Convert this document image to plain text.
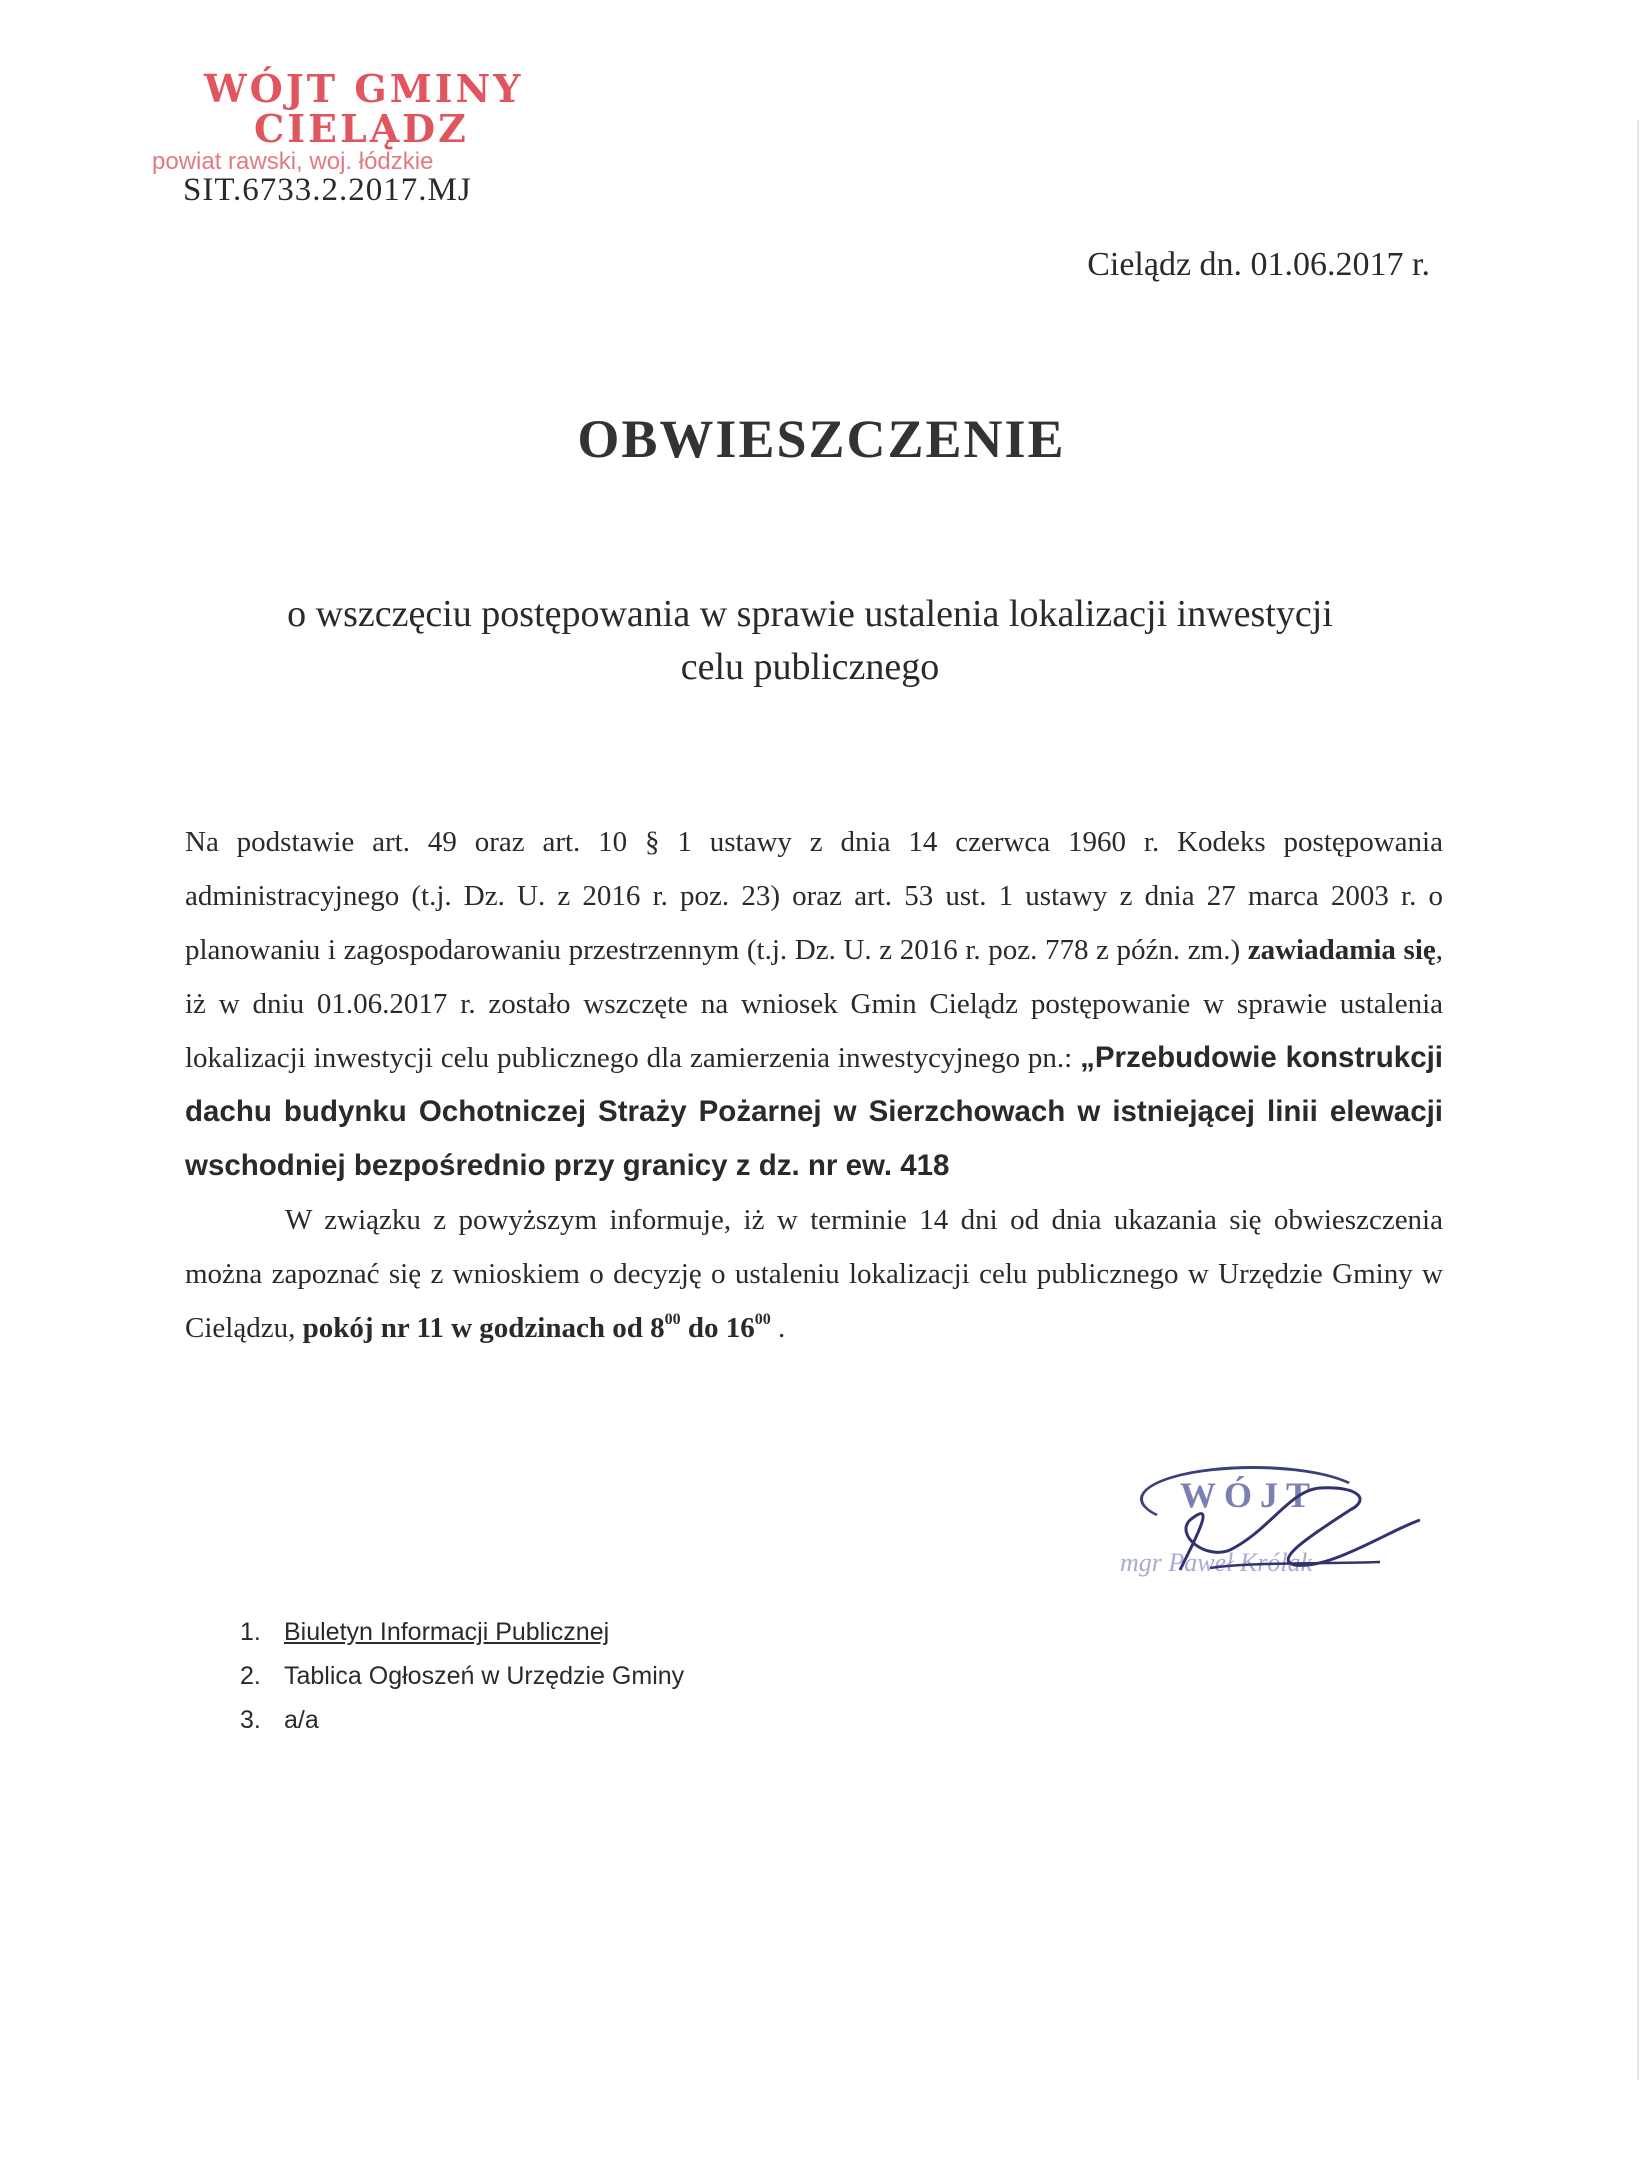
WÓJT GMINY
CIELĄDZ
powiat rawski, woj. łódzkie
SIT.6733.2.2017.MJ
Cielądz dn. 01.06.2017 r.
OBWIESZCZENIE
o wszczęciu postępowania w sprawie ustalenia lokalizacji inwestycji
celu publicznego

Na podstawie art. 49 oraz art. 10 § 1 ustawy z dnia 14 czerwca 1960 r. Kodeks postępowania administracyjnego (t.j. Dz. U. z 2016 r. poz. 23) oraz art. 53 ust. 1 ustawy z dnia 27 marca 2003 r. o planowaniu i zagospodarowaniu przestrzennym (t.j. Dz. U. z 2016 r. poz. 778 z późn. zm.) zawiadamia się, iż w dniu 01.06.2017 r. zostało wszczęte na wniosek Gmin Cielądz postępowanie w sprawie ustalenia lokalizacji inwestycji celu publicznego dla zamierzenia inwestycyjnego pn.: „Przebudowie konstrukcji dachu budynku Ochotniczej Straży Pożarnej w Sierzchowach w istniejącej linii elewacji wschodniej bezpośrednio przy granicy z dz. nr ew. 418

W związku z powyższym informuje, iż w terminie 14 dni od dnia ukazania się obwieszczenia można zapoznać się z wnioskiem o decyzję o ustaleniu lokalizacji celu publicznego w Urzędzie Gminy w Cielądzu, pokój nr 11 w godzinach od $8^{00}$ do $16^{00}$ .

WÓJT
mgr Paweł Królak
1. Biuletyn Informacji Publicznej
2. Tablica Ogłoszeń w Urzędzie Gminy
3. a/a
